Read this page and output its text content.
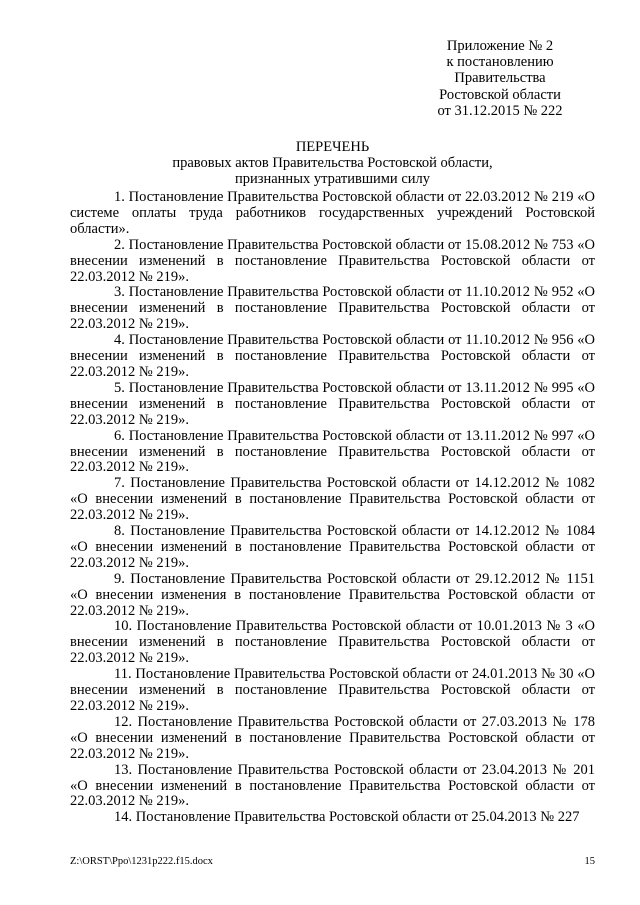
Приложение № 2
к постановлению
Правительства
Ростовской области
от 31.12.2015 № 222
ПЕРЕЧЕНЬ
правовых актов Правительства Ростовской области,
признанных утратившими силу
1. Постановление Правительства Ростовской области от 22.03.2012 № 219 «О системе оплаты труда работников государственных учреждений Ростовской области».
2. Постановление Правительства Ростовской области от 15.08.2012 № 753 «О внесении изменений в постановление Правительства Ростовской области от 22.03.2012 № 219».
3. Постановление Правительства Ростовской области от 11.10.2012 № 952 «О внесении изменений в постановление Правительства Ростовской области от 22.03.2012 № 219».
4. Постановление Правительства Ростовской области от 11.10.2012 № 956 «О внесении изменений в постановление Правительства Ростовской области от 22.03.2012 № 219».
5. Постановление Правительства Ростовской области от 13.11.2012 № 995 «О внесении изменений в постановление Правительства Ростовской области от 22.03.2012 № 219».
6. Постановление Правительства Ростовской области от 13.11.2012 № 997 «О внесении изменений в постановление Правительства Ростовской области от 22.03.2012 № 219».
7. Постановление Правительства Ростовской области от 14.12.2012 № 1082 «О внесении изменений в постановление Правительства Ростовской области от 22.03.2012 № 219».
8. Постановление Правительства Ростовской области от 14.12.2012 № 1084 «О внесении изменений в постановление Правительства Ростовской области от 22.03.2012 № 219».
9. Постановление Правительства Ростовской области от 29.12.2012 № 1151 «О внесении изменения в постановление Правительства Ростовской области от 22.03.2012 № 219».
10. Постановление Правительства Ростовской области от 10.01.2013 № 3 «О внесении изменений в постановление Правительства Ростовской области от 22.03.2012 № 219».
11. Постановление Правительства Ростовской области от 24.01.2013 № 30 «О внесении изменений в постановление Правительства Ростовской области от 22.03.2012 № 219».
12. Постановление Правительства Ростовской области от 27.03.2013 № 178 «О внесении изменений в постановление Правительства Ростовской области от 22.03.2012 № 219».
13. Постановление Правительства Ростовской области от 23.04.2013 № 201 «О внесении изменений в постановление Правительства Ростовской области от 22.03.2012 № 219».
14. Постановление Правительства Ростовской области от 25.04.2013 № 227
Z:\ORST\Ppo\1231p222.f15.docx	15
